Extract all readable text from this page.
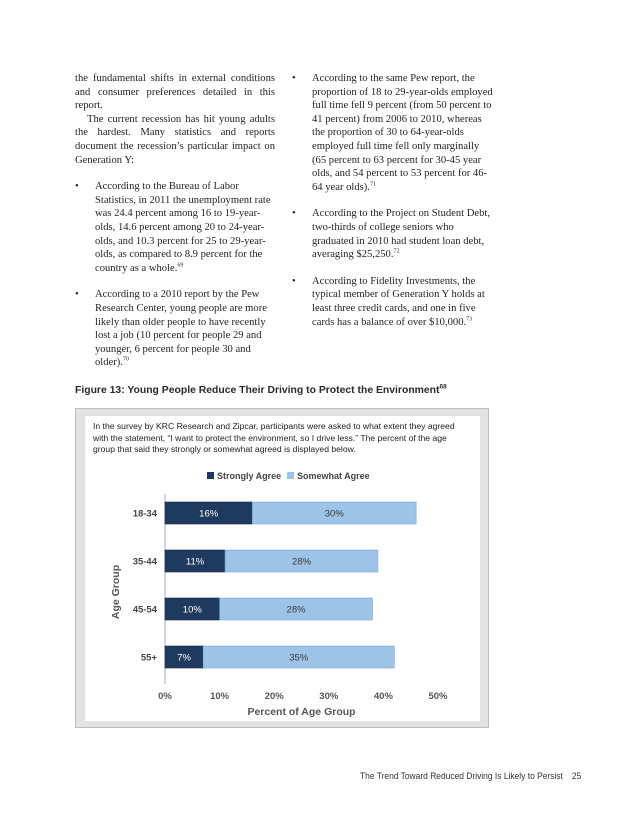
the fundamental shifts in external conditions and consumer preferences detailed in this report.

The current recession has hit young adults the hardest. Many statistics and reports document the recession’s particular impact on Generation Y:

• According to the Bureau of Labor Statistics, in 2011 the unemployment rate was 24.4 percent among 16 to 19-year-olds, 14.6 percent among 20 to 24-year-olds, and 10.3 percent for 25 to 29-year-olds, as compared to 8.9 percent for the country as a whole.$^{69}$
• According to a 2010 report by the Pew Research Center, young people are more likely than older people to have recently lost a job (10 percent for people 29 and younger, 6 percent for people 30 and older).$^{70}$
• According to the same Pew report, the proportion of 18 to 29-year-olds employed full time fell 9 percent (from 50 percent to 41 percent) from 2006 to 2010, whereas the proportion of 30 to 64-year-olds employed full time fell only marginally (65 percent to 63 percent for 30-45 year olds, and 54 percent to 53 percent for 46-64 year olds).$^{71}$
• According to the Project on Student Debt, two-thirds of college seniors who graduated in 2010 had student loan debt, averaging $25,250.72
• According to Fidelity Investments, the typical member of Generation Y holds at least three credit cards, and one in five cards has a balance of over $10,000.73
Figure 13: Young People Reduce Their Driving to Protect the Environment$^{68}$
In the survey by KRC Research and Zipcar, participants were asked to what extent they agreed with the statement, “I want to protect the environment, so I drive less.” The percent of the age group that said they strongly or somewhat agreed is displayed below.
Strongly Agree Somewhat Agree
18-34	16%	30%
35-44	11%	28%
45-54	10%	28%
55+ 7%	35%
0%	10%	20%	30%	40%	50%
Percent of Age Group
Age Group
The Trend Toward Reduced Driving Is Likely to Persist 25
